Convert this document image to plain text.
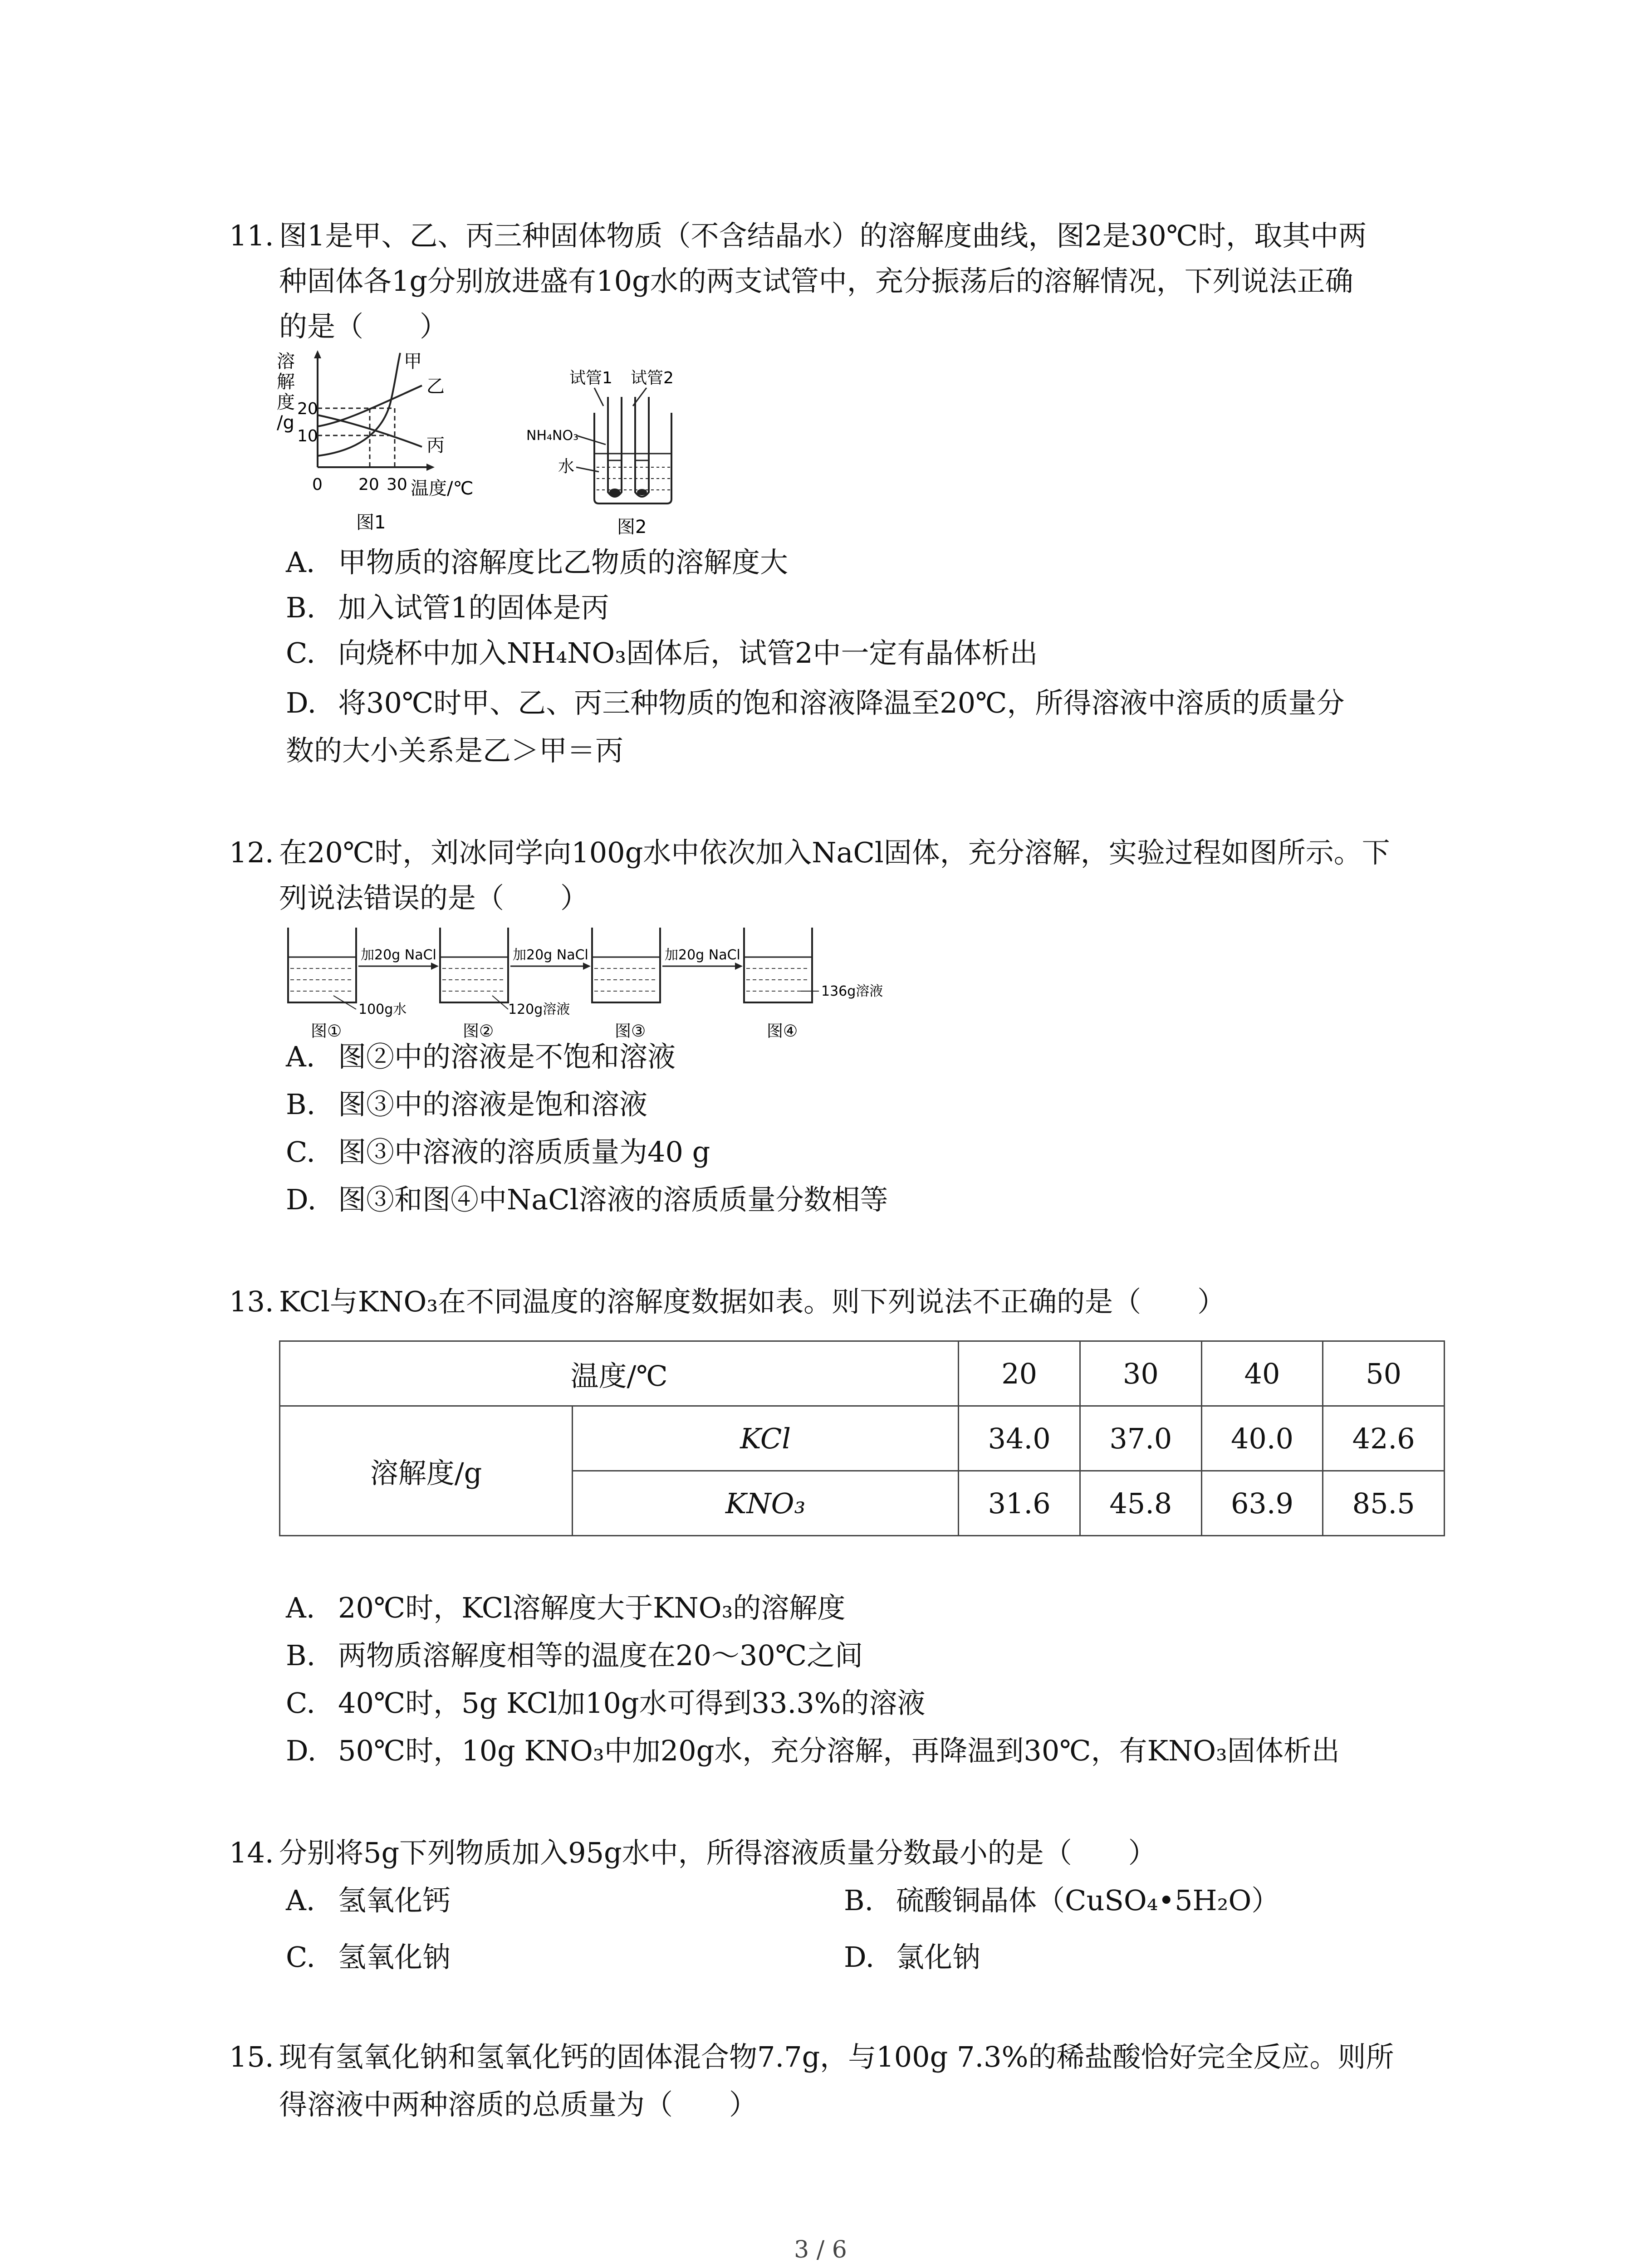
11. 图1是甲、乙、丙三种固体物质（不含结晶水）的溶解度曲线，图2是30℃时，取其中两
种固体各1g分别放进盛有10g水的两支试管中，充分振荡后的溶解情况，下列说法正确
的是（　　）
溶
解
度
/g
20
10
0 20 30 温度/℃
甲
乙
丙
图1
试管1 试管2
NH₄NO₃
水
图2
A. 甲物质的溶解度比乙物质的溶解度大
B. 加入试管1的固体是丙
C. 向烧杯中加入NH₄NO₃固体后，试管2中一定有晶体析出
D. 将30℃时甲、乙、丙三种物质的饱和溶液降温至20℃，所得溶液中溶质的质量分
数的大小关系是乙＞甲＝丙
12. 在20℃时，刘冰同学向100g水中依次加入NaCl固体，充分溶解，实验过程如图所示。下
列说法错误的是（　　）
加20g NaCl	加20g NaCl	加20g NaCl
100g水	120g溶液
136g溶液
图①	图②	图③	图④
A. 图②中的溶液是不饱和溶液
B. 图③中的溶液是饱和溶液
C. 图③中溶液的溶质质量为40 g
D. 图③和图④中NaCl溶液的溶质质量分数相等
13. KCl与KNO₃在不同温度的溶解度数据如表。则下列说法不正确的是（　　）
温度/℃		20	30	40	50
溶解度/g	KCl	34.0	37.0	40.0	42.6
	KNO₃	31.6	45.8	63.9	85.5
A. 20℃时，KCl溶解度大于KNO₃的溶解度
B. 两物质溶解度相等的温度在20～30℃之间
C. 40℃时，5g KCl加10g水可得到33.3%的溶液
D. 50℃时，10g KNO₃中加20g水，充分溶解，再降温到30℃，有KNO₃固体析出
14. 分别将5g下列物质加入95g水中，所得溶液质量分数最小的是（　　）
A. 氢氧化钙	B. 硫酸铜晶体（CuSO₄•5H₂O）
C. 氢氧化钠	D. 氯化钠
15. 现有氢氧化钠和氢氧化钙的固体混合物7.7g，与100g 7.3%的稀盐酸恰好完全反应。则所
得溶液中两种溶质的总质量为（　　）
3 / 6
